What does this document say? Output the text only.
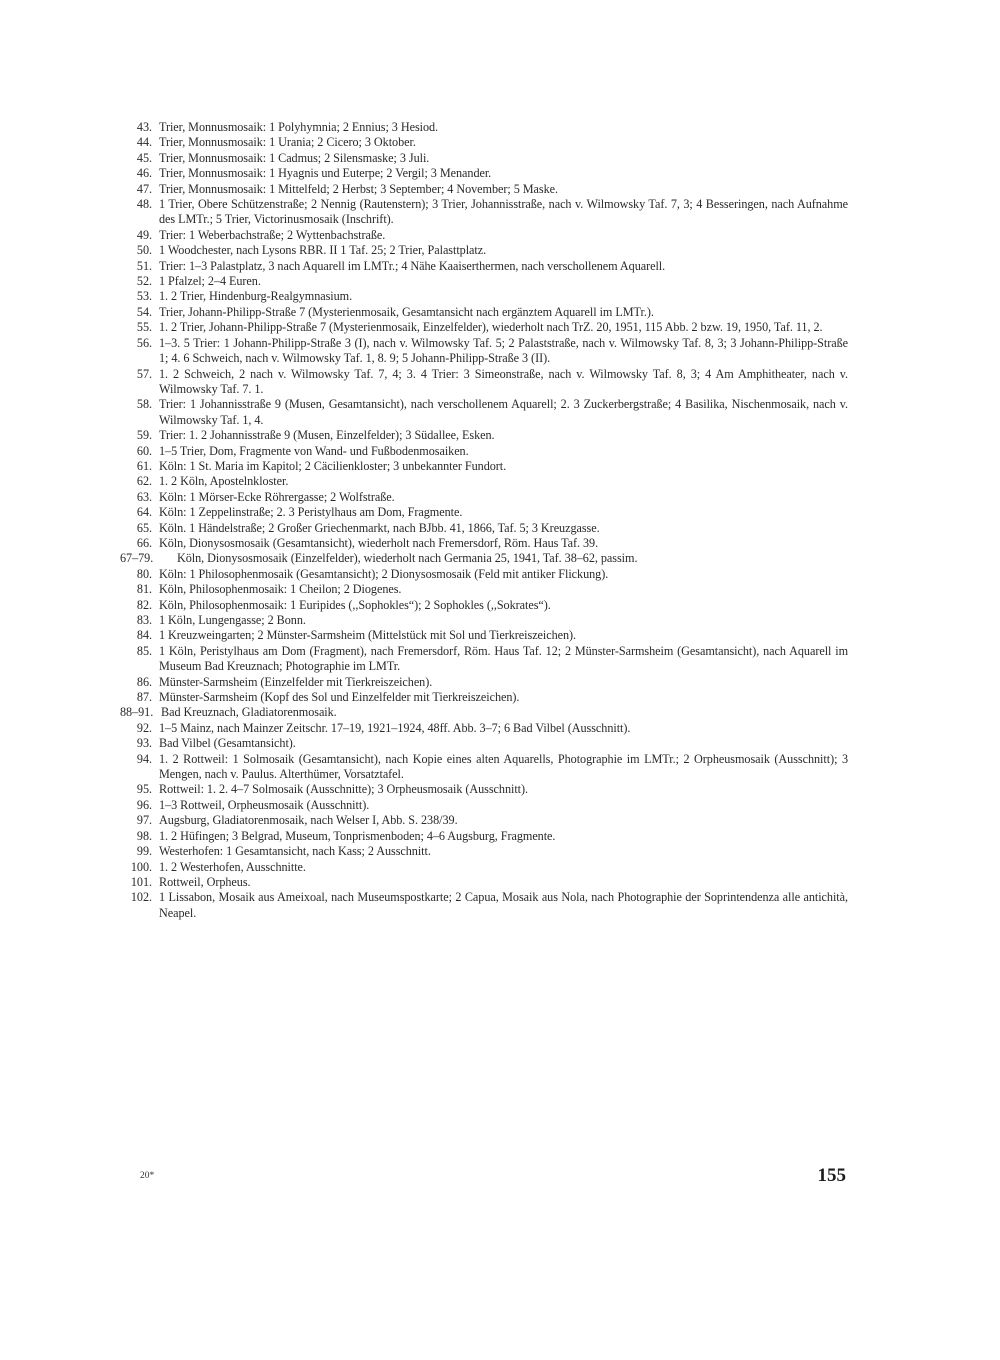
43. Trier, Monnusmosaik: 1 Polyhymnia; 2 Ennius; 3 Hesiod.
44. Trier, Monnusmosaik: 1 Urania; 2 Cicero; 3 Oktober.
45. Trier, Monnusmosaik: 1 Cadmus; 2 Silensmaske; 3 Juli.
46. Trier, Monnusmosaik: 1 Hyagnis und Euterpe; 2 Vergil; 3 Menander.
47. Trier, Monnusmosaik: 1 Mittelfeld; 2 Herbst; 3 September; 4 November; 5 Maske.
48. 1 Trier, Obere Schützenstraße; 2 Nennig (Rautenstern); 3 Trier, Johannisstraße, nach v. Wilmowsky Taf. 7, 3; 4 Besseringen, nach Aufnahme des LMTr.; 5 Trier, Victorinusmosaik (Inschrift).
49. Trier: 1 Weberbachstraße; 2 Wyttenbachstraße.
50. 1 Woodchester, nach Lysons RBR. II 1 Taf. 25; 2 Trier, Palasttplatz.
51. Trier: 1–3 Palastplatz, 3 nach Aquarell im LMTr.; 4 Nähe Kaaiserthermen, nach verschollenem Aquarell.
52. 1 Pfalzel; 2–4 Euren.
53. 1. 2 Trier, Hindenburg-Realgymnasium.
54. Trier, Johann-Philipp-Straße 7 (Mysterienmosaik, Gesamtansicht nach ergänztem Aquarell im LMTr.).
55. 1. 2 Trier, Johann-Philipp-Straße 7 (Mysterienmosaik, Einzelfelder), wiederholt nach TrZ. 20, 1951, 115 Abb. 2 bzw. 19, 1950, Taf. 11, 2.
56. 1–3. 5 Trier: 1 Johann-Philipp-Straße 3 (I), nach v. Wilmowsky Taf. 5; 2 Palaststraße, nach v. Wilmowsky Taf. 8, 3; 3 Johann-Philipp-Straße 1; 4. 6 Schweich, nach v. Wilmowsky Taf. 1, 8. 9; 5 Johann-Philipp-Straße 3 (II).
57. 1. 2 Schweich, 2 nach v. Wilmowsky Taf. 7, 4; 3. 4 Trier: 3 Simeonstraße, nach v. Wilmowsky Taf. 8, 3; 4 Am Amphitheater, nach v. Wilmowsky Taf. 7. 1.
58. Trier: 1 Johannisstraße 9 (Musen, Gesamtansicht), nach verschollenem Aquarell; 2. 3 Zuckerbergstraße; 4 Basilika, Nischenmosaik, nach v. Wilmowsky Taf. 1, 4.
59. Trier: 1. 2 Johannisstraße 9 (Musen, Einzelfelder); 3 Südallee, Esken.
60. 1–5 Trier, Dom, Fragmente von Wand- und Fußbodenmosaiken.
61. Köln: 1 St. Maria im Kapitol; 2 Cäcilienkloster; 3 unbekannter Fundort.
62. 1. 2 Köln, Apostelnkloster.
63. Köln: 1 Mörser-Ecke Röhrergasse; 2 Wolfstraße.
64. Köln: 1 Zeppelinstraße; 2. 3 Peristylhaus am Dom, Fragmente.
65. Köln. 1 Händelstraße; 2 Großer Griechenmarkt, nach BJbb. 41, 1866, Taf. 5; 3 Kreuzgasse.
66. Köln, Dionysosmosaik (Gesamtansicht), wiederholt nach Fremersdorf, Röm. Haus Taf. 39.
67–79. Köln, Dionysosmosaik (Einzelfelder), wiederholt nach Germania 25, 1941, Taf. 38–62, passim.
80. Köln: 1 Philosophenmosaik (Gesamtansicht); 2 Dionysosmosaik (Feld mit antiker Flickung).
81. Köln, Philosophenmosaik: 1 Cheilon; 2 Diogenes.
82. Köln, Philosophenmosaik: 1 Euripides (,,Sophokles“); 2 Sophokles (,,Sokrates“).
83. 1 Köln, Lungengasse; 2 Bonn.
84. 1 Kreuzweingarten; 2 Münster-Sarmsheim (Mittelstück mit Sol und Tierkreiszeichen).
85. 1 Köln, Peristylhaus am Dom (Fragment), nach Fremersdorf, Röm. Haus Taf. 12; 2 Münster-Sarmsheim (Gesamtansicht), nach Aquarell im Museum Bad Kreuznach; Photographie im LMTr.
86. Münster-Sarmsheim (Einzelfelder mit Tierkreiszeichen).
87. Münster-Sarmsheim (Kopf des Sol und Einzelfelder mit Tierkreiszeichen).
88–91. Bad Kreuznach, Gladiatorenmosaik.
92. 1–5 Mainz, nach Mainzer Zeitschr. 17–19, 1921–1924, 48ff. Abb. 3–7; 6 Bad Vilbel (Ausschnitt).
93. Bad Vilbel (Gesamtansicht).
94. 1. 2 Rottweil: 1 Solmosaik (Gesamtansicht), nach Kopie eines alten Aquarells, Photographie im LMTr.; 2 Orpheusmosaik (Ausschnitt); 3 Mengen, nach v. Paulus. Alterthümer, Vorsatztafel.
95. Rottweil: 1. 2. 4–7 Solmosaik (Ausschnitte); 3 Orpheusmosaik (Ausschnitt).
96. 1–3 Rottweil, Orpheusmosaik (Ausschnitt).
97. Augsburg, Gladiatorenmosaik, nach Welser I, Abb. S. 238/39.
98. 1. 2 Hüfingen; 3 Belgrad, Museum, Tonprismenboden; 4–6 Augsburg, Fragmente.
99. Westerhofen: 1 Gesamtansicht, nach Kass; 2 Ausschnitt.
100. 1. 2 Westerhofen, Ausschnitte.
101. Rottweil, Orpheus.
102. 1 Lissabon, Mosaik aus Ameixoal, nach Museumspostkarte; 2 Capua, Mosaik aus Nola, nach Photographie der Soprintendenza alle antichità, Neapel.
20*	155
